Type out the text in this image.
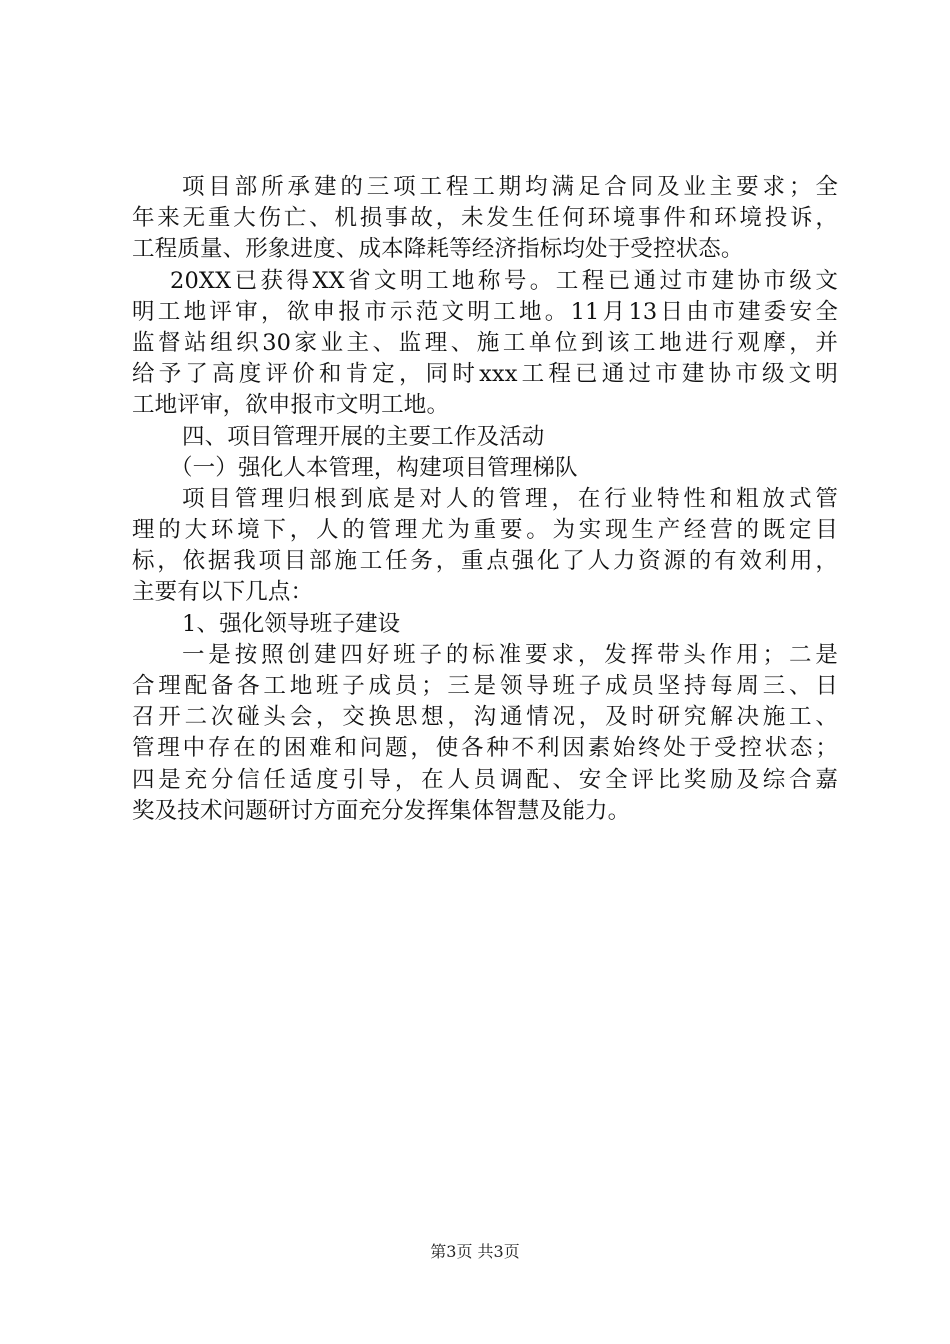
项目部所承建的三项工程工期均满足合同及业主要求；全
年来无重大伤亡、机损事故，未发生任何环境事件和环境投诉，
工程质量、形象进度、成本降耗等经济指标均处于受控状态。
20XX已获得XX省文明工地称号。工程已通过市建协市级文
明工地评审，欲申报市示范文明工地。11月13日由市建委安全
监督站组织30家业主、监理、施工单位到该工地进行观摩，并
给予了高度评价和肯定，同时xxx工程已通过市建协市级文明
工地评审，欲申报市文明工地。
四、项目管理开展的主要工作及活动
（一）强化人本管理，构建项目管理梯队
项目管理归根到底是对人的管理，在行业特性和粗放式管
理的大环境下，人的管理尤为重要。为实现生产经营的既定目
标，依据我项目部施工任务，重点强化了人力资源的有效利用，
主要有以下几点：
1、强化领导班子建设
一是按照创建四好班子的标准要求，发挥带头作用；二是
合理配备各工地班子成员；三是领导班子成员坚持每周三、日
召开二次碰头会，交换思想，沟通情况，及时研究解决施工、
管理中存在的困难和问题，使各种不利因素始终处于受控状态；
四是充分信任适度引导，在人员调配、安全评比奖励及综合嘉
奖及技术问题研讨方面充分发挥集体智慧及能力。
第3页 共3页
